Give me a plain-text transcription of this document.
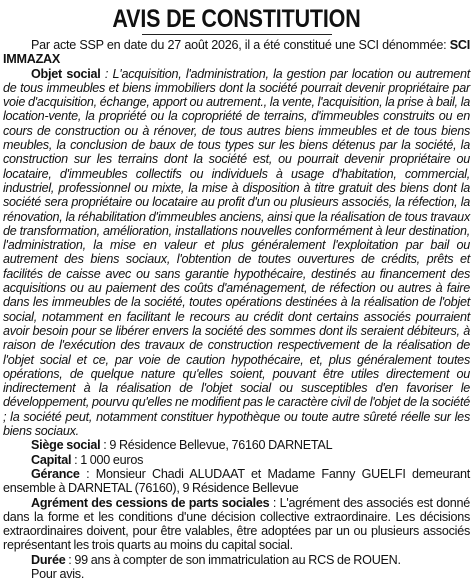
AVIS DE CONSTITUTION

Par acte SSP en date du 27 août 2026, il a été constitué une SCI dénommée: SCI IMMAZAX

Objet social : L'acquisition, l'administration, la gestion par location ou autrement de tous immeubles et biens immobiliers dont la société pourrait devenir propriétaire par voie d'acquisition, échange, apport ou autrement., la vente, l'acquisition, la prise à bail, la location-vente, la propriété ou la copropriété de terrains, d'immeubles construits ou en cours de construction ou à rénover, de tous autres biens immeubles et de tous biens meubles, la conclusion de baux de tous types sur les biens détenus par la société, la construction sur les terrains dont la société est, ou pourrait devenir propriétaire ou locataire, d'immeubles collectifs ou individuels à usage d'habitation, commercial, industriel, professionnel ou mixte, la mise à disposition à titre gratuit des biens dont la société sera propriétaire ou locataire au profit d'un ou plusieurs associés, la réfection, la rénovation, la réhabilitation d'immeubles anciens, ainsi que la réalisation de tous travaux de transformation, amélioration, installations nouvelles conformément à leur destination, l'administration, la mise en valeur et plus généralement l'exploitation par bail ou autrement des biens sociaux, l'obtention de toutes ouvertures de crédits, prêts et facilités de caisse avec ou sans garantie hypothécaire, destinés au financement des acquisitions ou au paiement des coûts d'aménagement, de réfection ou autres à faire dans les immeubles de la société, toutes opérations destinées à la réalisation de l'objet social, notamment en facilitant le recours au crédit dont certains associés pourraient avoir besoin pour se libérer envers la société des sommes dont ils seraient débiteurs, à raison de l'exécution des travaux de construction respectivement de la réalisation de l'objet social et ce, par voie de caution hypothécaire, et, plus généralement toutes opérations, de quelque nature qu'elles soient, pouvant être utiles directement ou indirectement à la réalisation de l'objet social ou susceptibles d'en favoriser le développement, pourvu qu'elles ne modifient pas le caractère civil de l'objet de la société ; la société peut, notamment constituer hypothèque ou toute autre sûreté réelle sur les biens sociaux.

Siège social : 9 Résidence Bellevue, 76160 DARNETAL

Capital : 1 000 euros

Gérance : Monsieur Chadi ALUDAAT et Madame Fanny GUELFI demeurant ensemble à DARNETAL (76160), 9 Résidence Bellevue

Agrément des cessions de parts sociales : L'agrément des associés est donné dans la forme et les conditions d'une décision collective extraordinaire. Les décisions extraordinaires doivent, pour être valables, être adoptées par un ou plusieurs associés représentant les trois quarts au moins du capital social.

Durée : 99 ans à compter de son immatriculation au RCS de ROUEN.

Pour avis.
